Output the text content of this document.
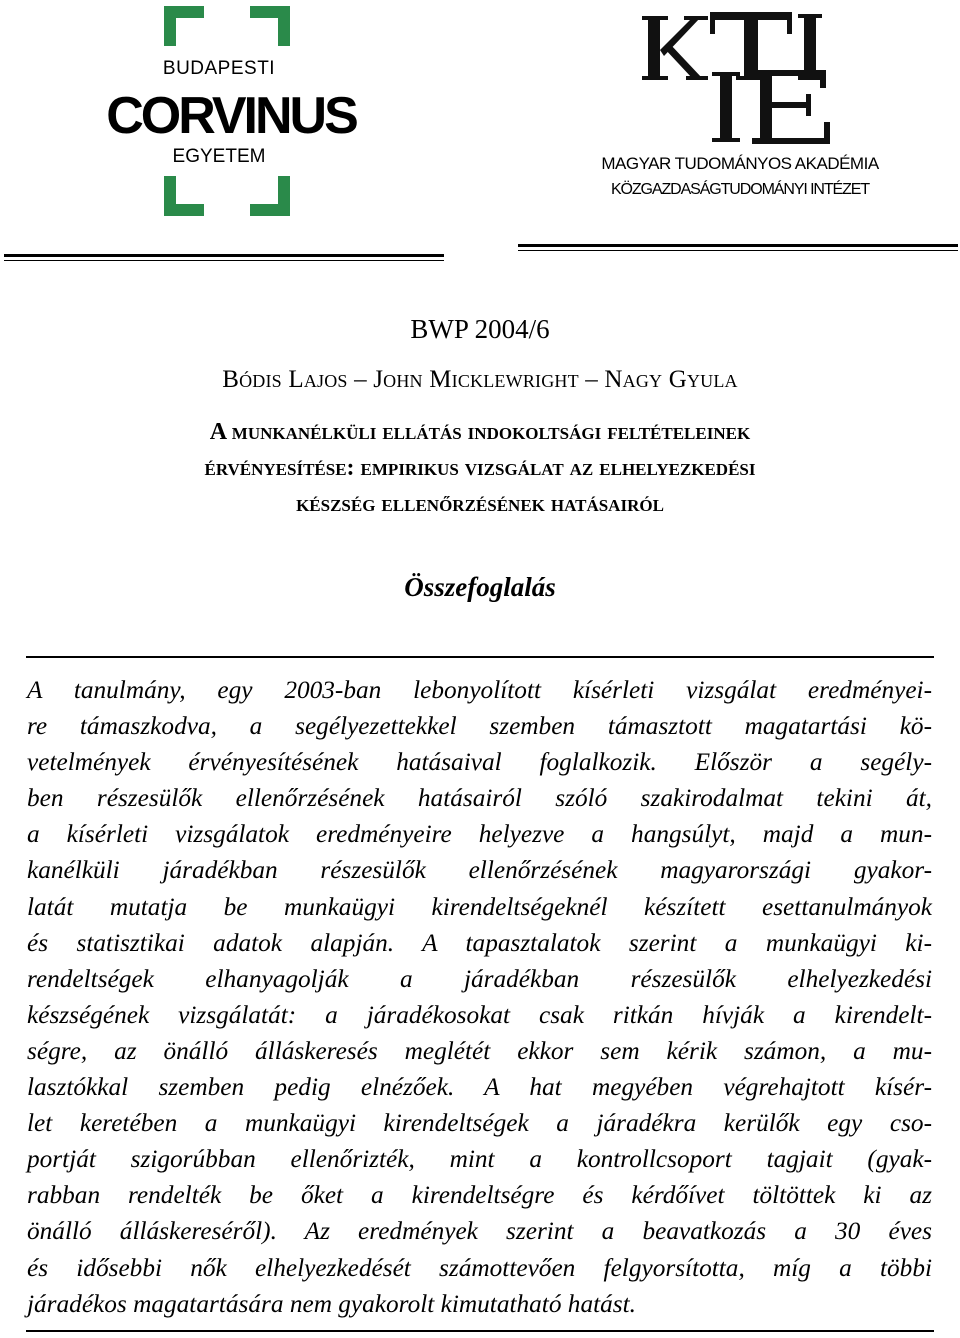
BUDAPESTI
CORVINUS
EGYETEM	MAGYAR TUDOMÁNYOS AKADÉMIA
KÖZGAZDASÁGTUDOMÁNYI INTÉZET
BWP 2004/6
Bódis Lajos – John Micklewright – Nagy Gyula
A munkanélküli ellátás indokoltsági feltételeinek
érvényesítése: empirikus vizsgálat az elhelyezkedési
készség ellenőrzésének hatásairól
Összefoglalás
A tanulmány, egy 2003-ban lebonyolított kísérleti vizsgálat eredményei-
re támaszkodva, a segélyezettekkel szemben támasztott magatartási kö-
vetelmények érvényesítésének hatásaival foglalkozik. Először a segély-
ben részesülők ellenőrzésének hatásairól szóló szakirodalmat tekini át,
a kísérleti vizsgálatok eredményeire helyezve a hangsúlyt, majd a mun-
kanélküli járadékban részesülők ellenőrzésének magyarországi gyakor-
latát mutatja be munkaügyi kirendeltségeknél készített esettanulmányok
és statisztikai adatok alapján. A tapasztalatok szerint a munkaügyi ki-
rendeltségek elhanyagolják a járadékban részesülők elhelyezkedési
készségének vizsgálatát: a járadékosokat csak ritkán hívják a kirendelt-
ségre, az önálló álláskeresés meglétét ekkor sem kérik számon, a mu-
lasztókkal szemben pedig elnézőek. A hat megyében végrehajtott kísér-
let keretében a munkaügyi kirendeltségek a járadékra kerülők egy cso-
portját szigorúbban ellenőrizték, mint a kontrollcsoport tagjait (gyak-
rabban rendelték be őket a kirendeltségre és kérdőívet töltöttek ki az
önálló álláskereséről). Az eredmények szerint a beavatkozás a 30 éves
és idősebbi nők elhelyezkedését számottevően felgyorsította, míg a többi
járadékos magatartására nem gyakorolt kimutatható hatást.
